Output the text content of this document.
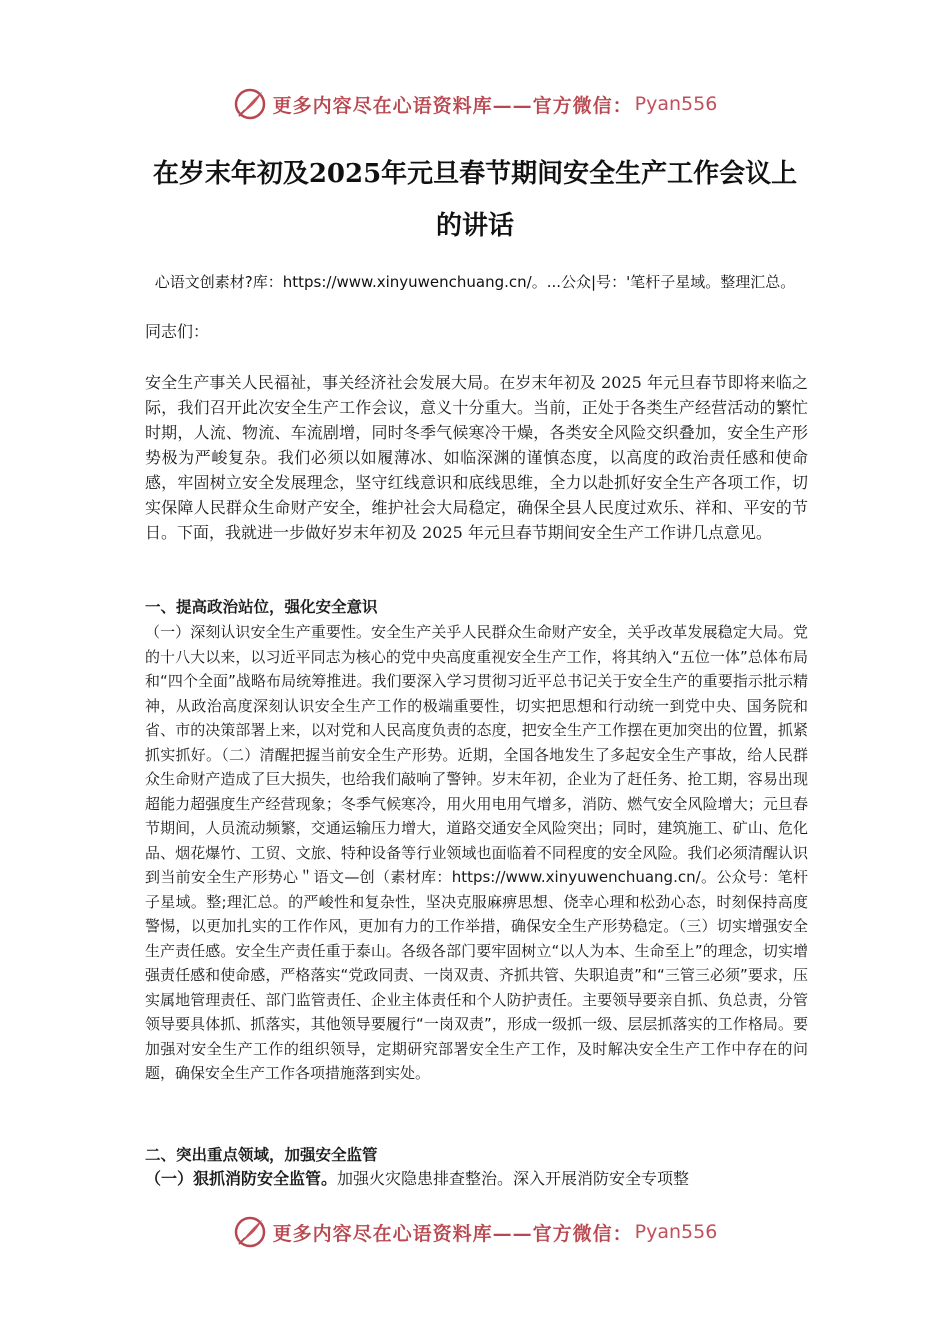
更多内容尽在心语资料库——官方微信： Pyan556
在岁末年初及2025年元旦春节期间安全生产工作会议上的讲话
心语文创素材?库：https://www.xinyuwenchuang.cn/。...公众|号：'笔杆子星域。整理汇总。
同志们：

安全生产事关人民福祉，事关经济社会发展大局。在岁末年初及 2025 年元旦春节即将来临之际，我们召开此次安全生产工作会议，意义十分重大。当前，正处于各类生产经营活动的繁忙时期，人流、物流、车流剧增，同时冬季气候寒冷干燥，各类安全风险交织叠加，安全生产形势极为严峻复杂。我们必须以如履薄冰、如临深渊的谨慎态度，以高度的政治责任感和使命感，牢固树立安全发展理念，坚守红线意识和底线思维，全力以赴抓好安全生产各项工作，切实保障人民群众生命财产安全，维护社会大局稳定，确保全县人民度过欢乐、祥和、平安的节日。下面，我就进一步做好岁末年初及 2025 年元旦春节期间安全生产工作讲几点意见。

一、提高政治站位，强化安全意识

（一）深刻认识安全生产重要性。安全生产关乎人民群众生命财产安全，关乎改革发展稳定大局。党的十八大以来，以习近平同志为核心的党中央高度重视安全生产工作，将其纳入“五位一体”总体布局和“四个全面”战略布局统筹推进。我们要深入学习贯彻习近平总书记关于安全生产的重要指示批示精神，从政治高度深刻认识安全生产工作的极端重要性，切实把思想和行动统一到党中央、国务院和省、市的决策部署上来，以对党和人民高度负责的态度，把安全生产工作摆在更加突出的位置，抓紧抓实抓好。（二）清醒把握当前安全生产形势。近期，全国各地发生了多起安全生产事故，给人民群众生命财产造成了巨大损失，也给我们敲响了警钟。岁末年初，企业为了赶任务、抢工期，容易出现超能力超强度生产经营现象；冬季气候寒冷，用火用电用气增多，消防、燃气安全风险增大；元旦春节期间，人员流动频繁，交通运输压力增大，道路交通安全风险突出；同时，建筑施工、矿山、危化品、烟花爆竹、工贸、文旅、特种设备等行业领域也面临着不同程度的安全风险。我们必须清醒认识到当前安全生产形势心＂语文—创（素材库：https://www.xinyuwenchuang.cn/。公众号：笔杆子星域。整;理汇总。的严峻性和复杂性，坚决克服麻痹思想、侥幸心理和松劲心态，时刻保持高度警惕，以更加扎实的工作作风，更加有力的工作举措，确保安全生产形势稳定。（三）切实增强安全生产责任感。安全生产责任重于泰山。各级各部门要牢固树立“以人为本、生命至上”的理念，切实增强责任感和使命感，严格落实“党政同责、一岗双责、齐抓共管、失职追责”和“三管三必须”要求，压实属地管理责任、部门监管责任、企业主体责任和个人防护责任。主要领导要亲自抓、负总责，分管领导要具体抓、抓落实，其他领导要履行“一岗双责”，形成一级抓一级、层层抓落实的工作格局。要加强对安全生产工作的组织领导，定期研究部署安全生产工作，及时解决安全生产工作中存在的问题，确保安全生产工作各项措施落到实处。

二、突出重点领域，加强安全监管

（一）狠抓消防安全监管。加强火灾隐患排查整治。深入开展消防安全专项整

更多内容尽在心语资料库——官方微信： Pyan556
